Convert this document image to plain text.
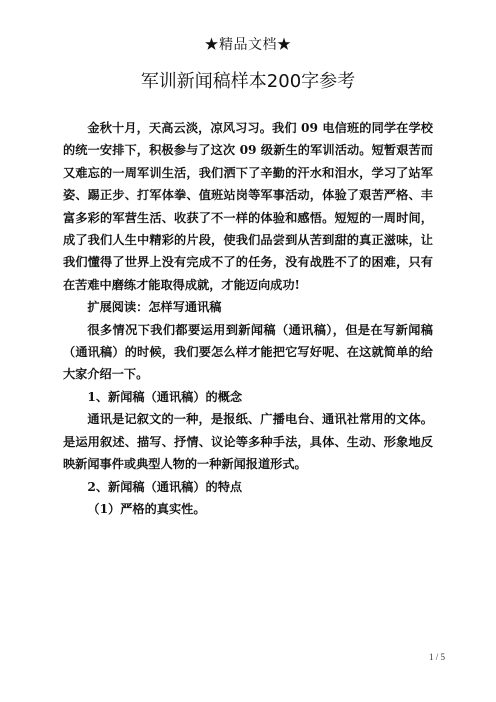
★精品文档★
军训新闻稿样本200字参考

金秋十月，天高云淡，凉风习习。我们 09 电信班的同学在学校的统一安排下，积极参与了这次 09 级新生的军训活动。短暂艰苦而又难忘的一周军训生活，我们洒下了辛勤的汗水和泪水，学习了站军姿、踢正步、打军体拳、值班站岗等军事活动，体验了艰苦严格、丰富多彩的军营生活、收获了不一样的体验和感悟。短短的一周时间，成了我们人生中精彩的片段，使我们品尝到从苦到甜的真正滋味，让我们懂得了世界上没有完成不了的任务，没有战胜不了的困难，只有在苦难中磨练才能取得成就，才能迈向成功!

扩展阅读：怎样写通讯稿

很多情况下我们都要运用到新闻稿（通讯稿），但是在写新闻稿（通讯稿）的时候，我们要怎么样才能把它写好呢、在这就简单的给大家介绍一下。

1、新闻稿（通讯稿）的概念

通讯是记叙文的一种，是报纸、广播电台、通讯社常用的文体。是运用叙述、描写、抒情、议论等多种手法，具体、生动、形象地反映新闻事件或典型人物的一种新闻报道形式。

2、新闻稿（通讯稿）的特点

（1）严格的真实性。

1 / 5
